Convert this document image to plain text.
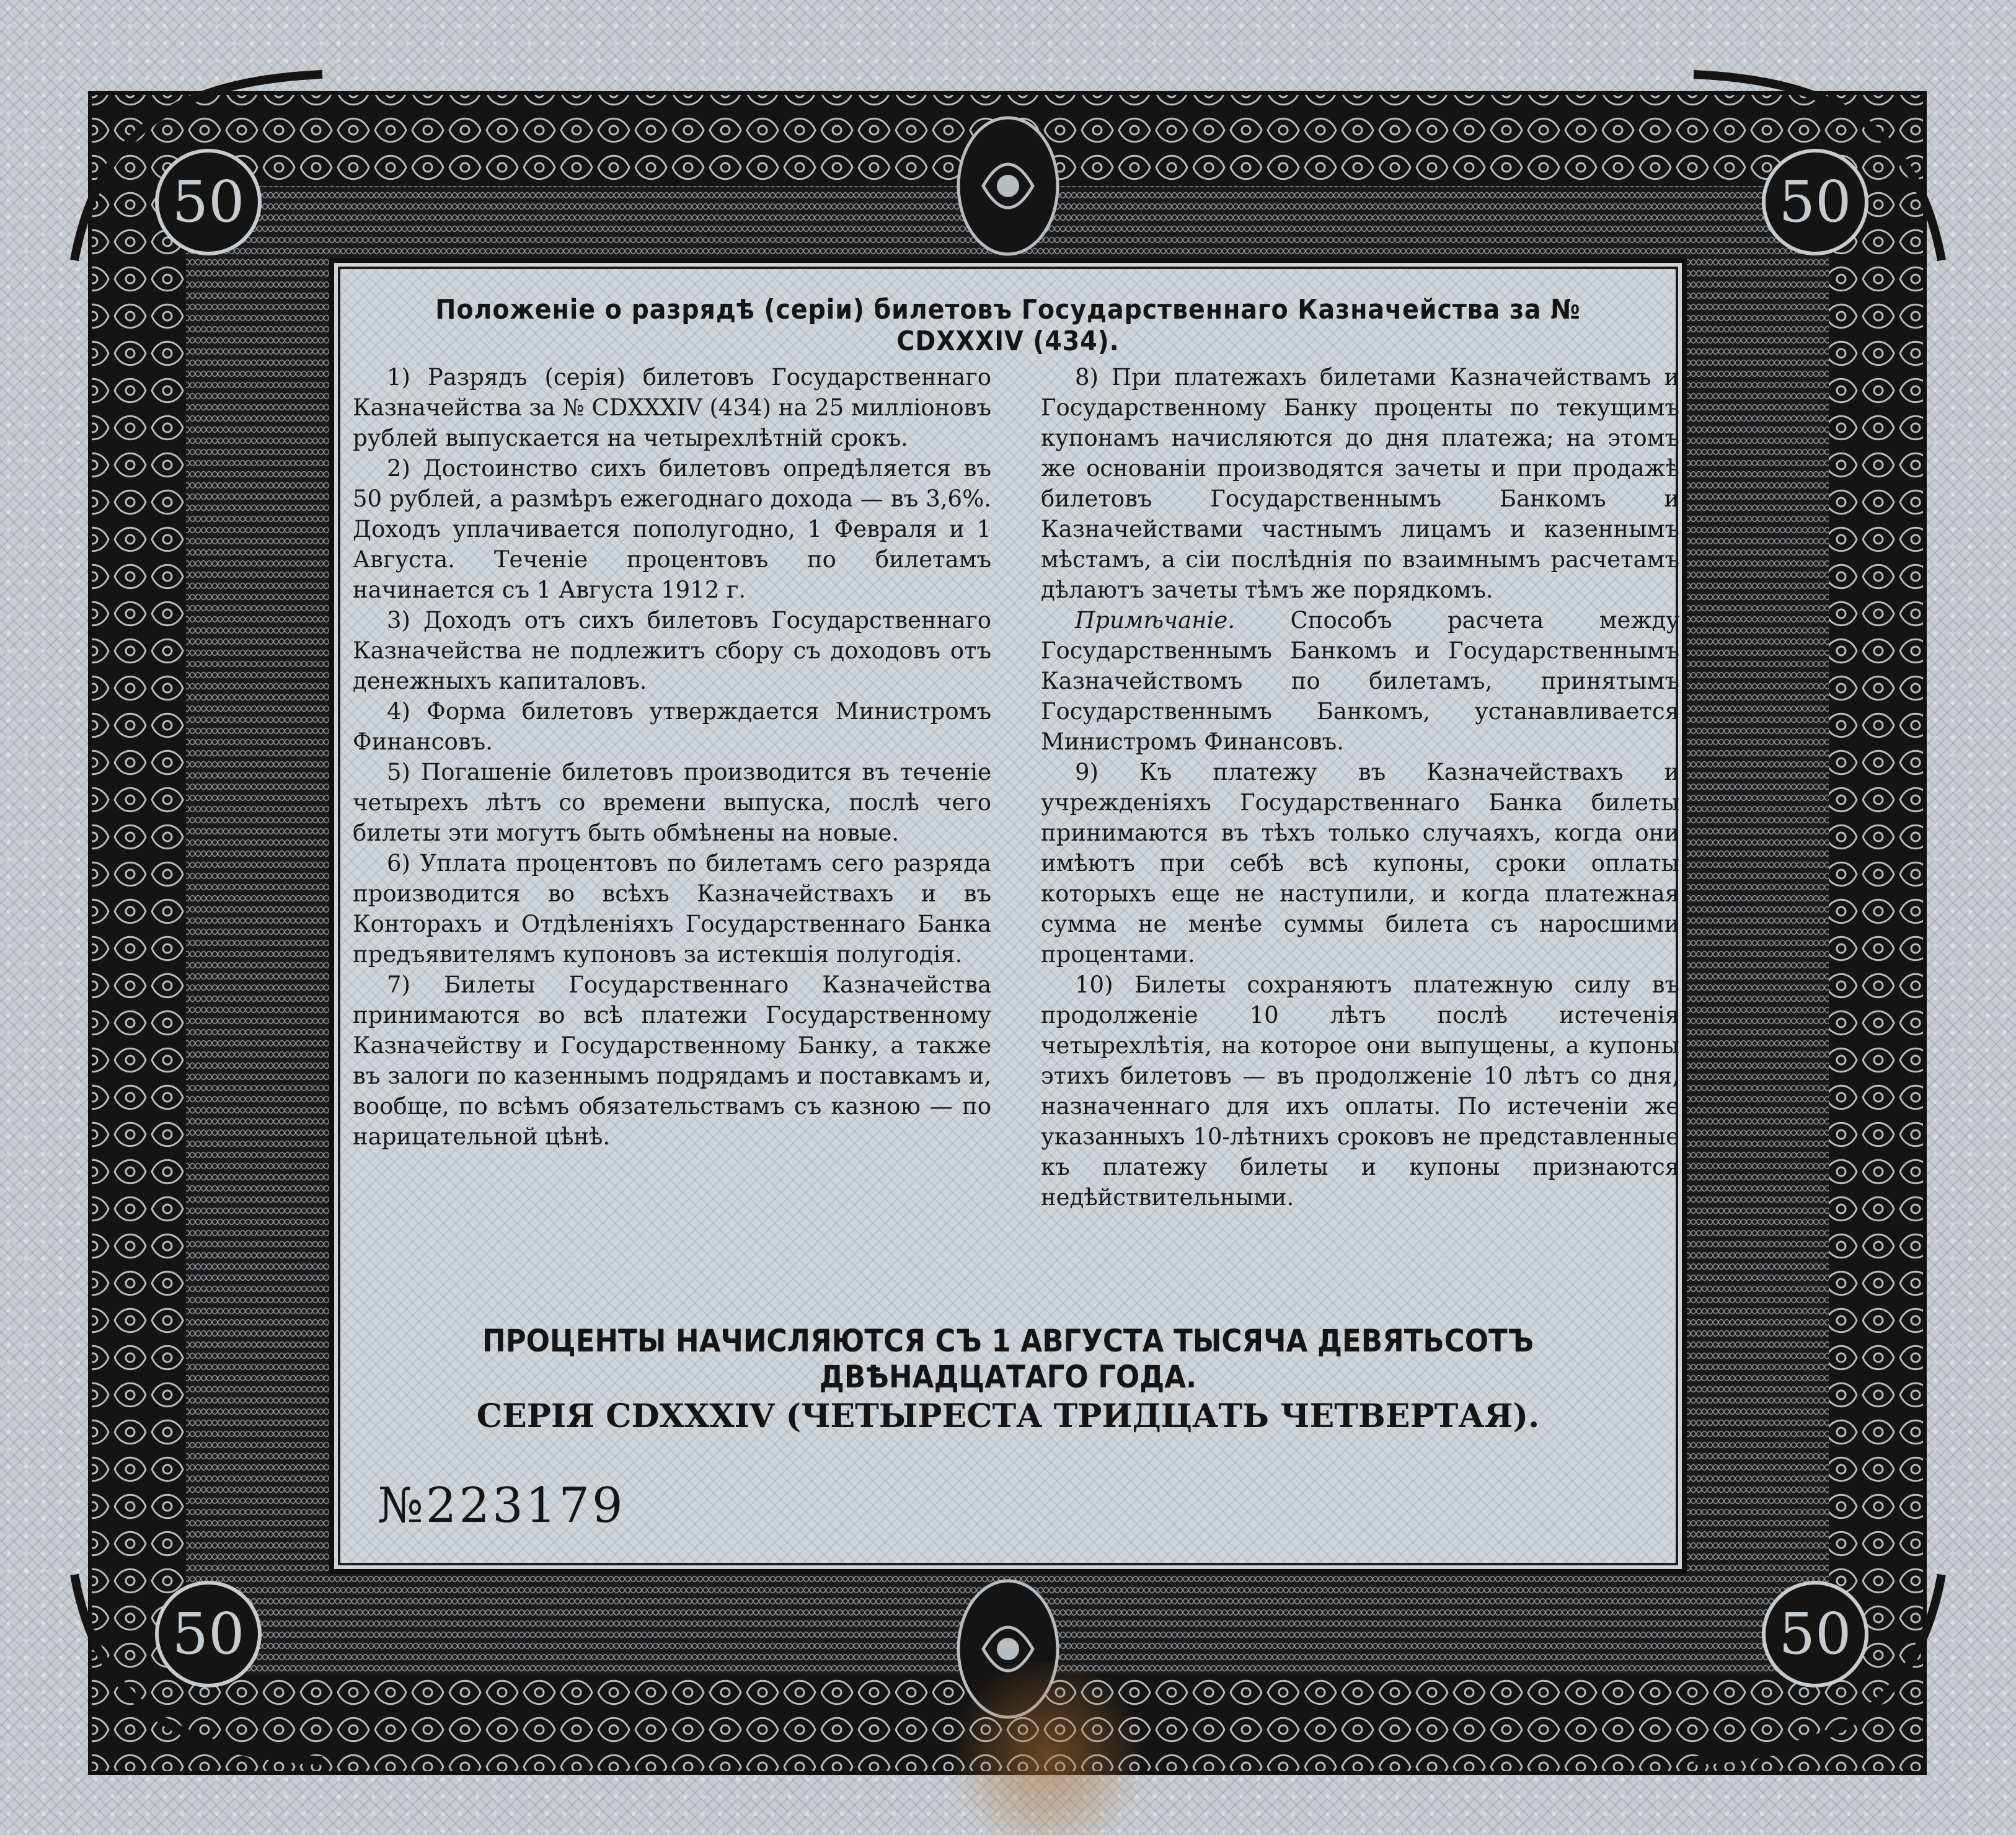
50	50
50	50
Положеніе о разрядѣ (серіи) билетовъ Государственнаго Казначейства за № CDXXXIV (434).

1) Разрядъ (серія) билетовъ Государственнаго Казначейства за № CDXXXIV (434) на 25 милліоновъ рублей выпускается на четырехлѣтній срокъ.

2) Достоинство сихъ билетовъ опредѣляется въ 50 рублей, а размѣръ ежегоднаго дохода — въ 3,6%. Доходъ уплачивается пополугодно, 1 Февраля и 1 Августа. Теченіе процентовъ по билетамъ начинается съ 1 Августа 1912 г.

3) Доходъ отъ сихъ билетовъ Государственнаго Казначейства не подлежитъ сбору съ доходовъ отъ денежныхъ капиталовъ.

4) Форма билетовъ утверждается Министромъ Финансовъ.

5) Погашеніе билетовъ производится въ теченіе четырехъ лѣтъ со времени выпуска, послѣ чего билеты эти могутъ быть обмѣнены на новые.

6) Уплата процентовъ по билетамъ сего разряда производится во всѣхъ Казначействахъ и въ Конторахъ и Отдѣленіяхъ Государственнаго Банка предъявителямъ купоновъ за истекшія полугодія.

7) Билеты Государственнаго Казначейства принимаются во всѣ платежи Государственному Казначейству и Государственному Банку, а также въ залоги по казеннымъ подрядамъ и поставкамъ и, вообще, по всѣмъ обязательствамъ съ казною — по нарицательной цѣнѣ.

8) При платежахъ билетами Казначействамъ и Государственному Банку проценты по текущимъ купонамъ начисляются до дня платежа; на этомъ же основаніи производятся зачеты и при продажѣ билетовъ Государственнымъ Банкомъ и Казначействами частнымъ лицамъ и казеннымъ мѣстамъ, а сіи послѣднія по взаимнымъ расчетамъ дѣлаютъ зачеты тѣмъ же порядкомъ.

Примѣчаніе. Способъ расчета между Государственнымъ Банкомъ и Государственнымъ Казначействомъ по билетамъ, принятымъ Государственнымъ Банкомъ, устанавливается Министромъ Финансовъ.

9) Къ платежу въ Казначействахъ и учрежденіяхъ Государственнаго Банка билеты принимаются въ тѣхъ только случаяхъ, когда они имѣютъ при себѣ всѣ купоны, сроки оплаты которыхъ еще не наступили, и когда платежная сумма не менѣе суммы билета съ наросшими процентами.

10) Билеты сохраняютъ платежную силу въ продолженіе 10 лѣтъ послѣ истеченія четырехлѣтія, на которое они выпущены, а купоны этихъ билетовъ — въ продолженіе 10 лѣтъ со дня, назначеннаго для ихъ оплаты. По истеченіи же указанныхъ 10-лѣтнихъ сроковъ не представленные къ платежу билеты и купоны признаются недѣйствительными.

ПРОЦЕНТЫ НАЧИСЛЯЮТСЯ СЪ 1 АВГУСТА ТЫСЯЧА ДЕВЯТЬСОТЪ ДВѢНАДЦАТАГО ГОДА.
СЕРІЯ CDXXXIV (ЧЕТЫРЕСТА ТРИДЦАТЬ ЧЕТВЕРТАЯ).
№223179
